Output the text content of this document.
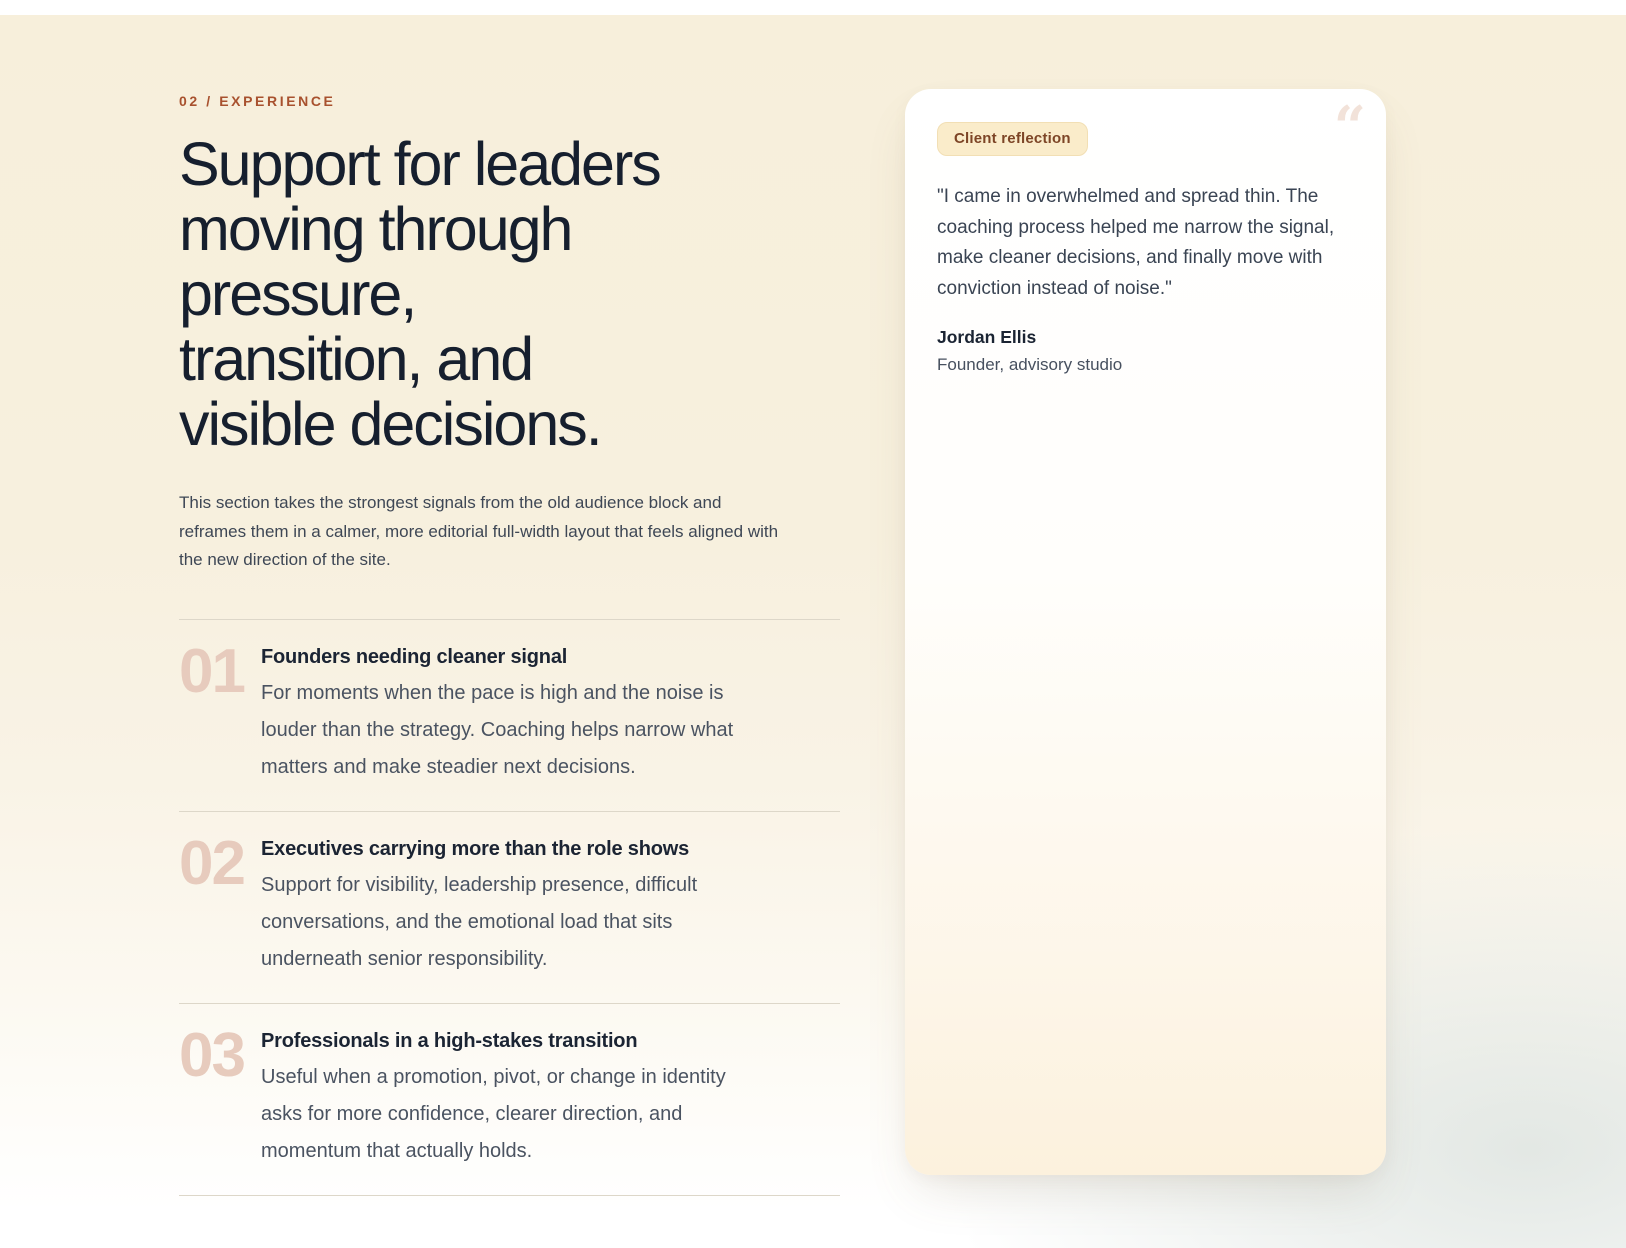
02 / EXPERIENCE
Support for leaders
moving through
pressure,
transition, and
visible decisions.

This section takes the strongest signals from the old audience block and reframes them in a calmer, more editorial full-width layout that feels aligned with the new direction of the site.

01 Founders needing cleaner signal
For moments when the pace is high and the noise is louder than the strategy. Coaching helps narrow what matters and make steadier next decisions.
02 Executives carrying more than the role shows
Support for visibility, leadership presence, difficult conversations, and the emotional load that sits underneath senior responsibility.
03 Professionals in a high-stakes transition
Useful when a promotion, pivot, or change in identity asks for more confidence, clearer direction, and momentum that actually holds.
“
Client reflection

"I came in overwhelmed and spread thin. The coaching process helped me narrow the signal, make cleaner decisions, and finally move with conviction instead of noise."

Jordan Ellis
Founder, advisory studio
